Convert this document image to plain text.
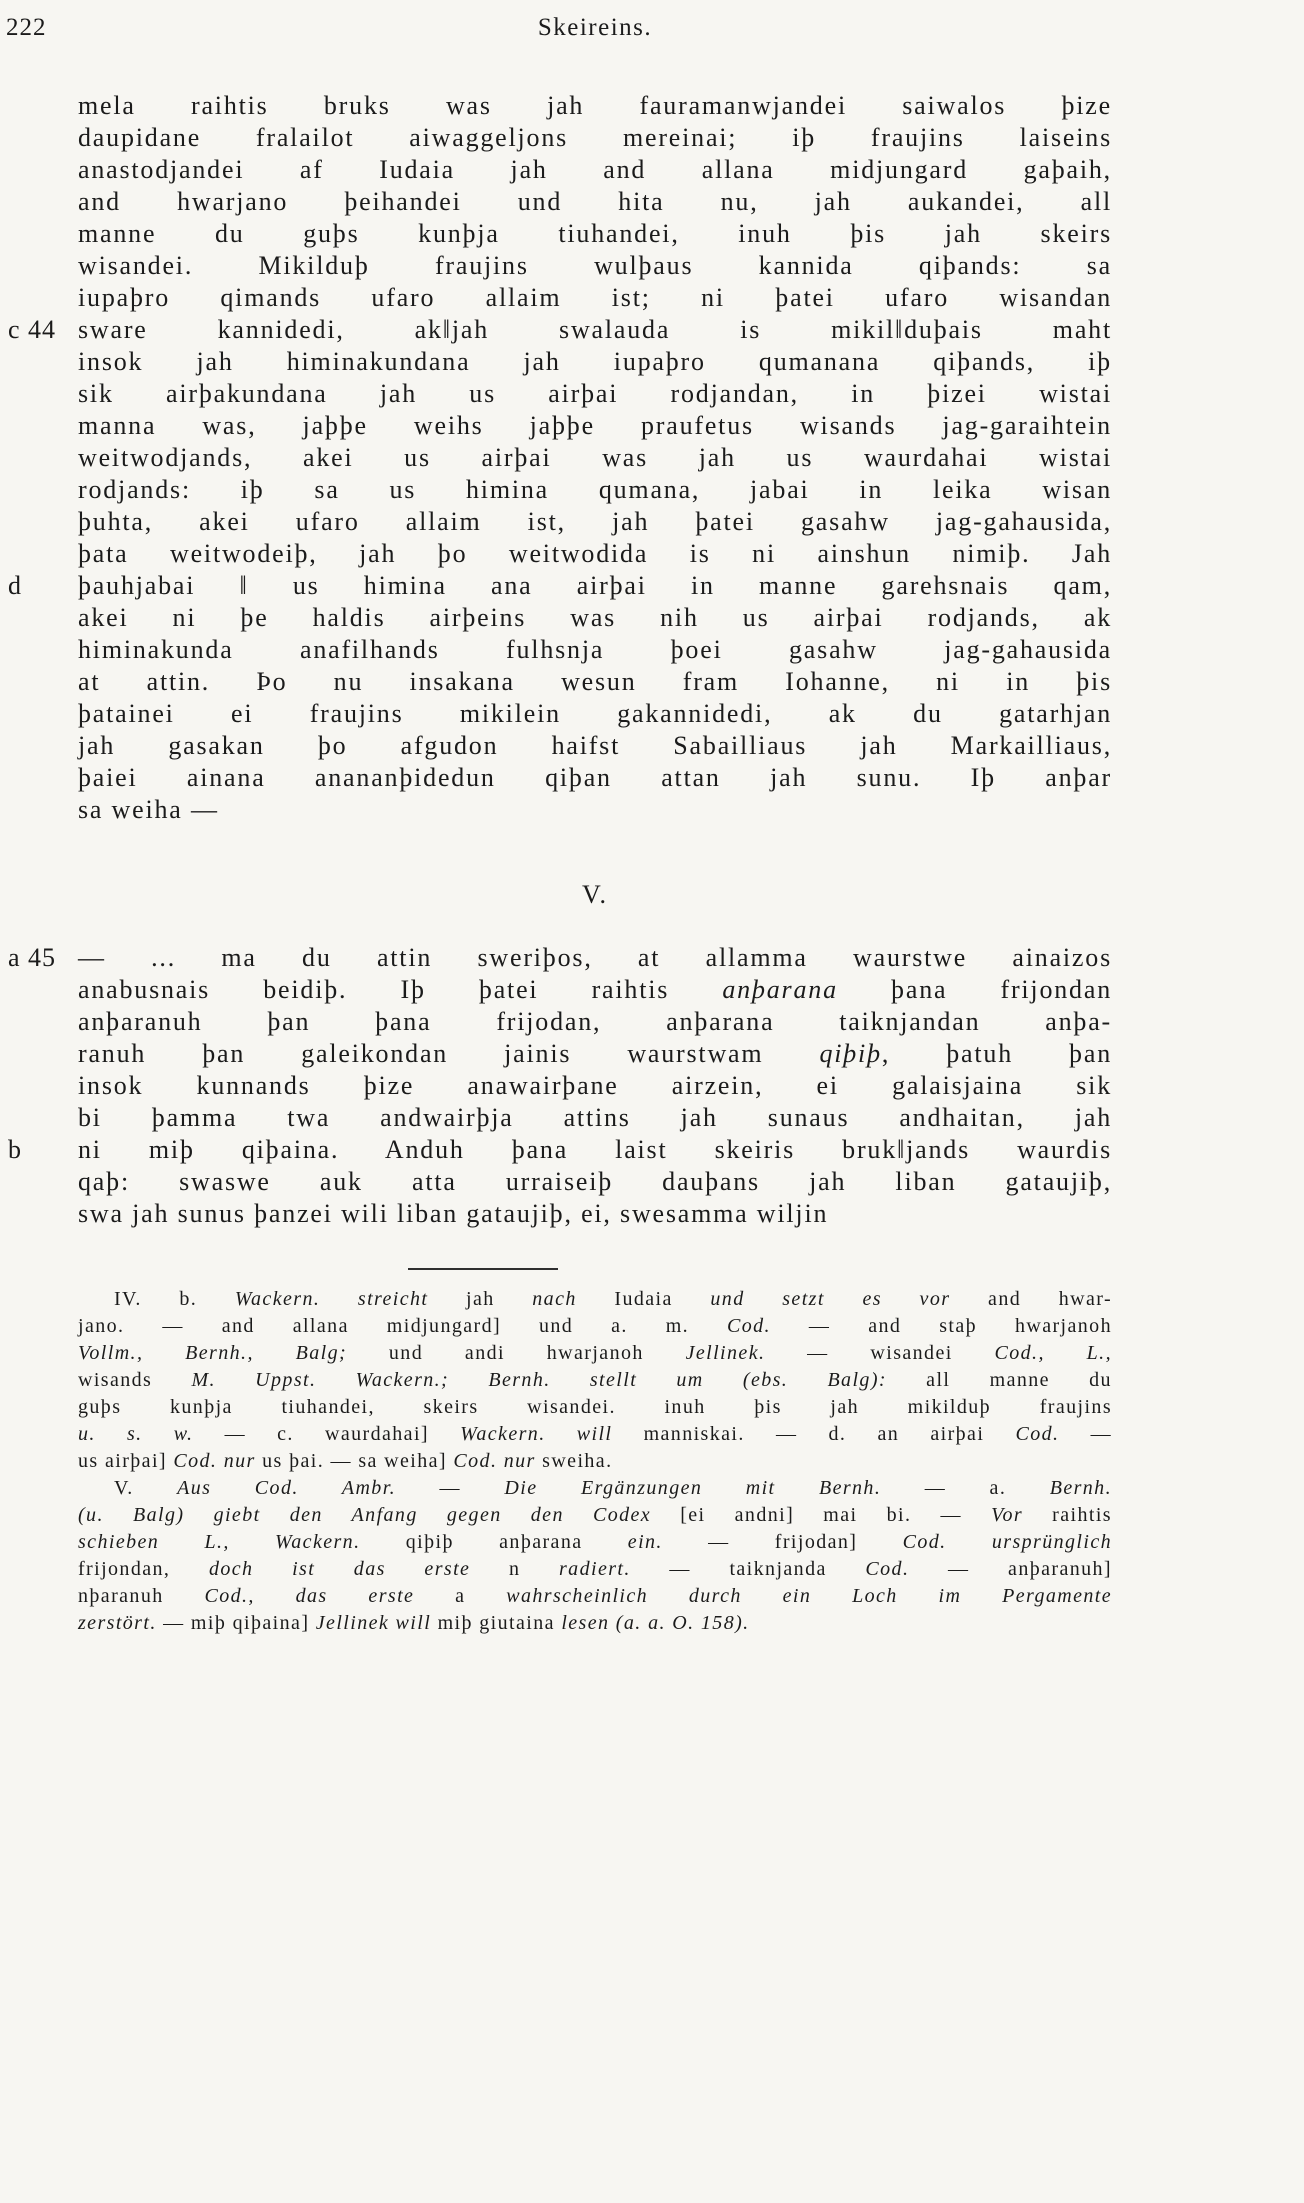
222	Skeireins.
mela raihtis bruks was jah fauramanwjandei saiwalos þize
daupidane fralailot aiwaggeljons mereinai; iþ fraujins laiseins
anastodjandei af Iudaia jah and allana midjungard gaþaih,
and hwarjano þeihandei und hita nu, jah aukandei, all
manne du guþs kunþja tiuhandei, inuh þis jah skeirs
wisandei. Mikilduþ fraujins wulþaus kannida qiþands: sa
iupaþro qimands ufaro allaim ist; ni þatei ufaro wisandan
c 44 sware kannidedi, ak‖jah swalauda is mikil‖duþais maht
insok jah himinakundana jah iupaþro qumanana qiþands, iþ
sik airþakundana jah us airþai rodjandan, in þizei wistai
manna was, jaþþe weihs jaþþe praufetus wisands jag-garaihtein
weitwodjands, akei us airþai was jah us waurdahai wistai
rodjands: iþ sa us himina qumana, jabai in leika wisan
þuhta, akei ufaro allaim ist, jah þatei gasahw jag-gahausida,
þata weitwodeiþ, jah þo weitwodida is ni ainshun nimiþ. Jah
d þauhjabai ‖ us himina ana airþai in manne garehsnais qam,
akei ni þe haldis airþeins was nih us airþai rodjands, ak
himinakunda anafilhands fulhsnja þoei gasahw jag-gahausida
at attin. Þo nu insakana wesun fram Iohanne, ni in þis
þatainei ei fraujins mikilein gakannidedi, ak du gatarhjan
jah gasakan þo afgudon haifst Sabailliaus jah Markailliaus,
þaiei ainana anananþidedun qiþan attan jah sunu. Iþ anþar
sa weiha —
V.
a 45 — ... ma du attin sweriþos, at allamma waurstwe ainaizos
anabusnais beidiþ. Iþ þatei raihtis anþarana þana frijondan
anþaranuh þan þana frijodan, anþarana taiknjandan anþa-
ranuh þan galeikondan jainis waurstwam qiþiþ, þatuh þan
insok kunnands þize anawairþane airzein, ei galaisjaina sik
bi þamma twa andwairþja attins jah sunaus andhaitan, jah
b ni miþ qiþaina. Anduh þana laist skeiris bruk‖jands waurdis
qaþ: swaswe auk atta urraiseiþ dauþans jah liban gataujiþ,
swa jah sunus þanzei wili liban gataujiþ, ei, swesamma wiljin
IV. b. Wackern. streicht jah nach Iudaia und setzt es vor and hwar-
jano. — and allana midjungard] und a. m. Cod. — and staþ hwarjanoh
Vollm., Bernh., Balg; und andi hwarjanoh Jellinek. — wisandei Cod., L.,
wisands M. Uppst. Wackern.; Bernh. stellt um (ebs. Balg): all manne du
guþs kunþja tiuhandei, skeirs wisandei. inuh þis jah mikilduþ fraujins
u. s. w. — c. waurdahai] Wackern. will manniskai. — d. an airþai Cod. —
us airþai] Cod. nur us þai. — sa weiha] Cod. nur sweiha.
V. Aus Cod. Ambr. — Die Ergänzungen mit Bernh. — a. Bernh.
(u. Balg) giebt den Anfang gegen den Codex [ei andni] mai bi. — Vor raihtis
schieben L., Wackern. qiþiþ anþarana ein. — frijodan] Cod. ursprünglich
frijondan, doch ist das erste n radiert. — taiknjanda Cod. — anþaranuh]
nþaranuh Cod., das erste a wahrscheinlich durch ein Loch im Pergamente
zerstört. — miþ qiþaina] Jellinek will miþ giutaina lesen (a. a. O. 158).
